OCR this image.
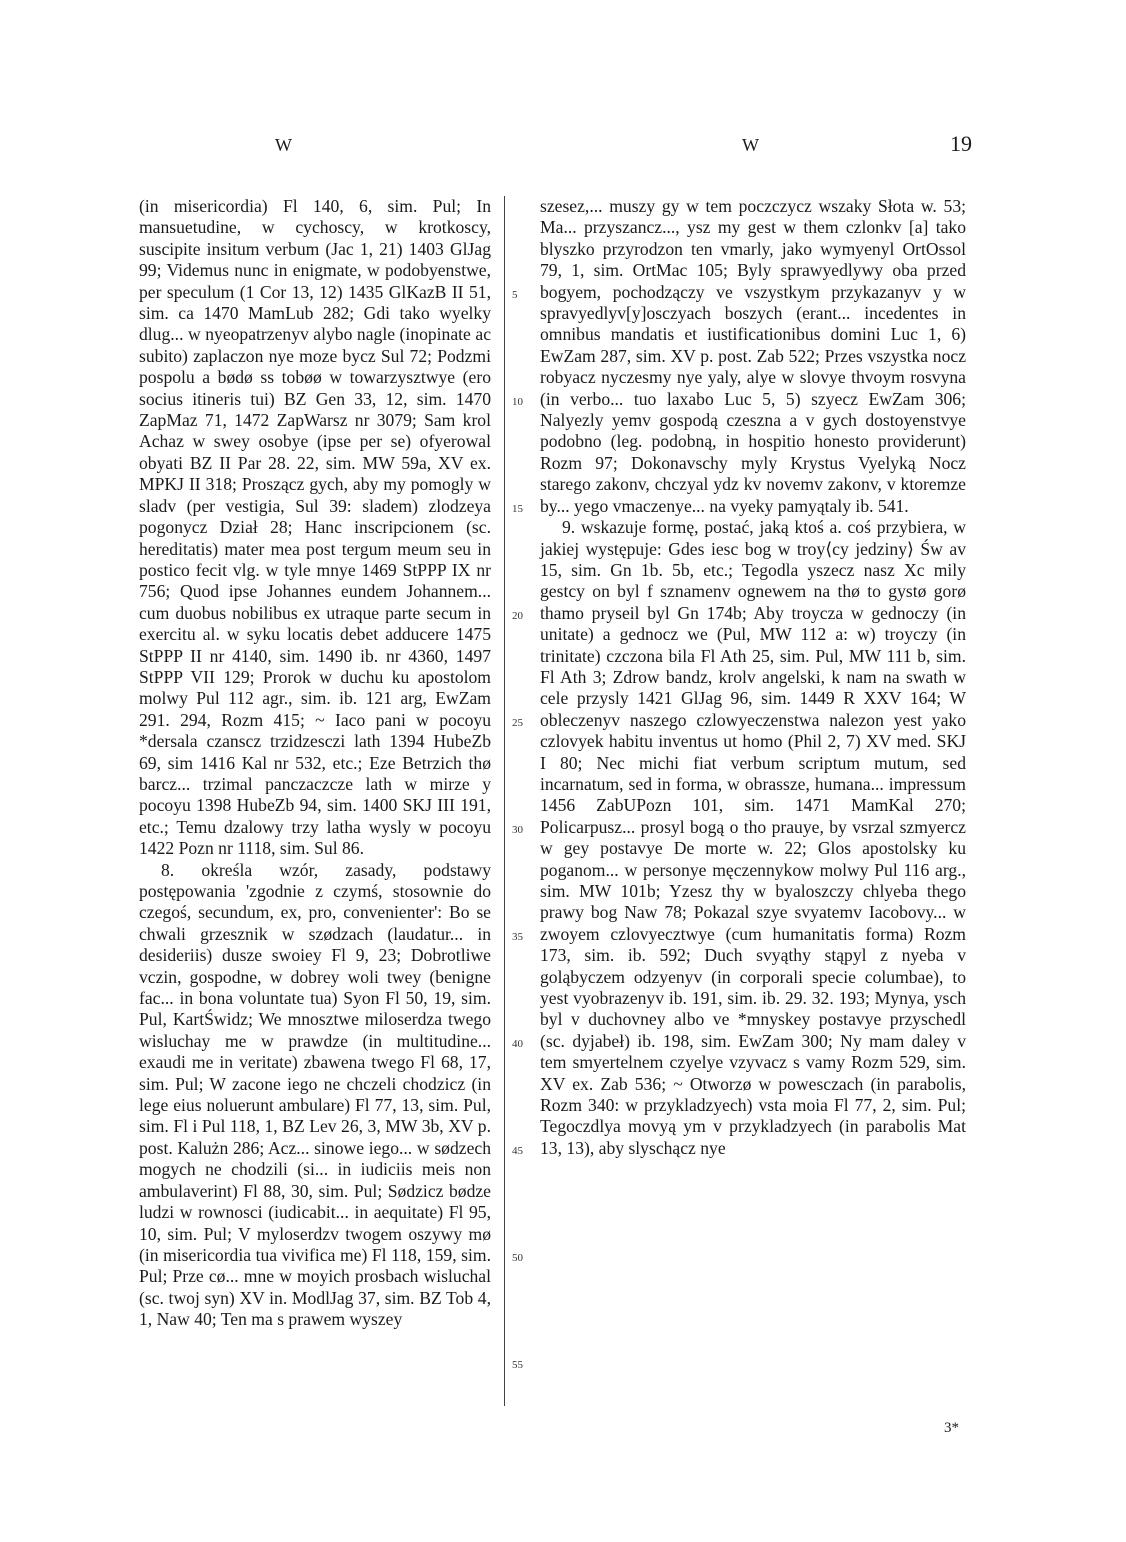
W	W	19

(in misericordia) Fl 140, 6, sim. Pul; In mansuetudine, w cychoscy, w krotkoscy, suscipite insitum verbum (Jac 1, 21) 1403 GlJag 99; Videmus nunc in enigmate, w podobyenstwe, per speculum (1 Cor 13, 12) 1435 GlKazB II 51, sim. ca 1470 MamLub 282; Gdi tako wyelky dlug... w nyeopatrzenyv alybo nagle (inopinate ac subito) zaplaczon nye moze bycz Sul 72; Podzmi pospolu a bødø ss tobøø w towarzysztwye (ero socius itineris tui) BZ Gen 33, 12, sim. 1470 ZapMaz 71, 1472 ZapWarsz nr 3079; Sam krol Achaz w swey osobye (ipse per se) ofyerowal obyati BZ II Par 28. 22, sim. MW 59a, XV ex. MPKJ II 318; Proszącz gych, aby my pomogly w sladv (per vestigia, Sul 39: sladem) zlodzeya pogonycz Dział 28; Hanc inscripcionem (sc. hereditatis) mater mea post tergum meum seu in postico fecit vlg. w tyle mnye 1469 StPPP IX nr 756; Quod ipse Johannes eundem Johannem... cum duobus nobilibus ex utraque parte secum in exercitu al. w syku locatis debet adducere 1475 StPPP II nr 4140, sim. 1490 ib. nr 4360, 1497 StPPP VII 129; Prorok w duchu ku apostolom molwy Pul 112 agr., sim. ib. 121 arg, EwZam 291. 294, Rozm 415; ~ Iaco pani w pocoyu *dersala czanscz trzidzesczi lath 1394 HubeZb 69, sim 1416 Kal nr 532, etc.; Eze Betrzich thø barcz... trzimal panczaczcze lath w mirze y pocoyu 1398 HubeZb 94, sim. 1400 SKJ III 191, etc.; Temu dzalowy trzy latha wysly w pocoyu 1422 Pozn nr 1118, sim. Sul 86.

8. określa wzór, zasady, podstawy postępowania 'zgodnie z czymś, stosownie do czegoś, secundum, ex, pro, convenienter': Bo se chwali grzesznik w szødzach (laudatur... in desideriis) dusze swoiey Fl 9, 23; Dobrotliwe vczin, gospodne, w dobrey woli twey (benigne fac... in bona voluntate tua) Syon Fl 50, 19, sim. Pul, KartŚwidz; We mnosztwe miloserdza twego wisluchay me w prawdze (in multitudine... exaudi me in veritate) zbawena twego Fl 68, 17, sim. Pul; W zacone iego ne chczeli chodzicz (in lege eius noluerunt ambulare) Fl 77, 13, sim. Pul, sim. Fl i Pul 118, 1, BZ Lev 26, 3, MW 3b, XV p. post. Kalużn 286; Acz... sinowe iego... w sødzech mogych ne chodzili (si... in iudiciis meis non ambulaverint) Fl 88, 30, sim. Pul; Sødzicz bødze ludzi w rownosci (iudicabit... in aequitate) Fl 95, 10, sim. Pul; V myloserdzv twogem oszywy mø (in misericordia tua vivifica me) Fl 118, 159, sim. Pul; Prze cø... mne w moyich prosbach wisluchal (sc. twoj syn) XV in. ModlJag 37, sim. BZ Tob 4, 1, Naw 40; Ten ma s prawem wyszey

5
10
15
20
25
30
35
40
45
50
55

szesez,... muszy gy w tem poczczycz wszaky Słota w. 53; Ma... przyszancz..., ysz my gest w them czlonkv [a] tako blyszko przyrodzon ten vmarly, jako wymyenyl OrtOssol 79, 1, sim. OrtMac 105; Byly sprawyedlywy oba przed bogyem, pochodzączy ve vszystkym przykazanyv y w spravyedlyv[y]osczyach boszych (erant... incedentes in omnibus mandatis et iustificationibus domini Luc 1, 6) EwZam 287, sim. XV p. post. Zab 522; Przes vszystka nocz robyacz nyczesmy nye yaly, alye w slovye thvoym rosvyna (in verbo... tuo laxabo Luc 5, 5) szyecz EwZam 306; Nalyezly yemv gospodą czeszna a v gych dostoyenstvye podobno (leg. podobną, in hospitio honesto providerunt) Rozm 97; Dokonavschy myly Krystus Vyelyką Nocz starego zakonv, chczyal ydz kv novemv zakonv, v ktoremze by... yego vmaczenye... na vyeky pamyątaly ib. 541.

9. wskazuje formę, postać, jaką ktoś a. coś przybiera, w jakiej występuje: Gdes iesc bog w troy⟨cy jedziny⟩ Św av 15, sim. Gn 1b. 5b, etc.; Tegodla yszecz nasz Xc mily gestcy on byl f sznamenv ognewem na thø to gystø gorø thamo pryseil byl Gn 174b; Aby troycza w gednoczy (in unitate) a gednocz we (Pul, MW 112 a: w) troyczy (in trinitate) czczona bila Fl Ath 25, sim. Pul, MW 111 b, sim. Fl Ath 3; Zdrow bandz, krolv angelski, k nam na swath w cele przysly 1421 GlJag 96, sim. 1449 R XXV 164; W obleczenyv naszego czlowyeczenstwa nalezon yest yako czlovyek habitu inventus ut homo (Phil 2, 7) XV med. SKJ I 80; Nec michi fiat verbum scriptum mutum, sed incarnatum, sed in forma, w obrassze, humana... impressum 1456 ZabUPozn 101, sim. 1471 MamKal 270; Policarpusz... prosyl bogą o tho prauye, by vsrzal szmyercz w gey postavye De morte w. 22; Glos apostolsky ku poganom... w personye męczennykow molwy Pul 116 arg., sim. MW 101b; Yzesz thy w byaloszczy chlyeba thego prawy bog Naw 78; Pokazal szye svyatemv Iacobovy... w zwoyem czlovyecztwye (cum humanitatis forma) Rozm 173, sim. ib. 592; Duch svyąthy stąpyl z nyeba v goląbyczem odzyenyv (in corporali specie columbae), to yest vyobrazenyv ib. 191, sim. ib. 29. 32. 193; Mynya, ysch byl v duchovney albo ve *mnyskey postavye przyschedl (sc. dyjabeł) ib. 198, sim. EwZam 300; Ny mam daley v tem smyertelnem czyelye vzyvacz s vamy Rozm 529, sim. XV ex. Zab 536; ~ Otworzø w powesczach (in parabolis, Rozm 340: w przykladzyech) vsta moia Fl 77, 2, sim. Pul; Tegoczdlya movyą ym v przykladzyech (in parabolis Mat 13, 13), aby slyschącz nye

3*
